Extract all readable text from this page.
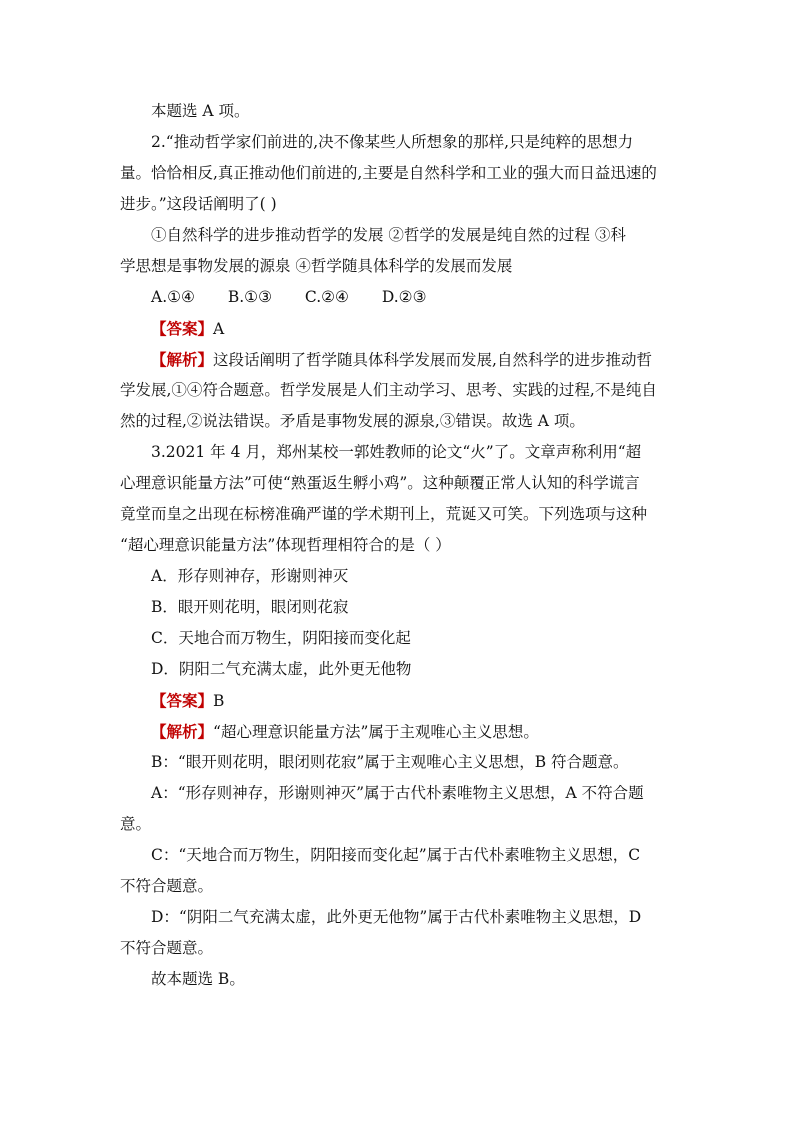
本题选 A 项。
2.“推动哲学家们前进的,决不像某些人所想象的那样,只是纯粹的思想力
量。恰恰相反,真正推动他们前进的,主要是自然科学和工业的强大而日益迅速的
进步。”这段话阐明了( )
①自然科学的进步推动哲学的发展 ②哲学的发展是纯自然的过程 ③科
学思想是事物发展的源泉 ④哲学随具体科学的发展而发展
A.①④ B.①③ C.②④ D.②③
【答案】A
【解析】这段话阐明了哲学随具体科学发展而发展,自然科学的进步推动哲
学发展,①④符合题意。哲学发展是人们主动学习、思考、实践的过程,不是纯自
然的过程,②说法错误。矛盾是事物发展的源泉,③错误。故选 A 项。
3.2021 年 4 月，郑州某校一郭姓教师的论文“火”了。文章声称利用“超
心理意识能量方法”可使“熟蛋返生孵小鸡”。这种颠覆正常人认知的科学谎言
竟堂而皇之出现在标榜准确严谨的学术期刊上，荒诞又可笑。下列选项与这种
“超心理意识能量方法”体现哲理相符合的是（ ）
A．形存则神存，形谢则神灭
B．眼开则花明，眼闭则花寂
C．天地合而万物生，阴阳接而变化起
D．阴阳二气充满太虚，此外更无他物
【答案】B
【解析】“超心理意识能量方法”属于主观唯心主义思想。
B：“眼开则花明，眼闭则花寂”属于主观唯心主义思想，B 符合题意。
A：“形存则神存，形谢则神灭”属于古代朴素唯物主义思想，A 不符合题
意。
C：“天地合而万物生，阴阳接而变化起”属于古代朴素唯物主义思想，C
不符合题意。
D：“阴阳二气充满太虚，此外更无他物”属于古代朴素唯物主义思想，D
不符合题意。
故本题选 B。
